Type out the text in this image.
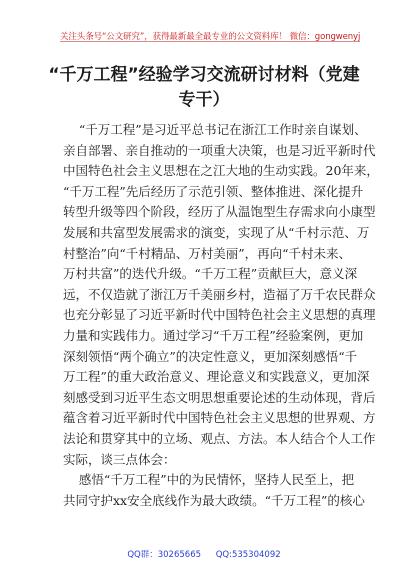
关注头条号“公文研究”，获得最新最全最专业的公文资料库！ 微信：gongwenyj
“千万工程”经验学习交流研讨材料（党建
专干）
“千万工程”是习近平总书记在浙江工作时亲自谋划、
亲自部署、亲自推动的一项重大决策，也是习近平新时代
中国特色社会主义思想在之江大地的生动实践。20年来，
“千万工程”先后经历了示范引领、整体推进、深化提升
转型升级等四个阶段，经历了从温饱型生存需求向小康型
发展和共富型发展需求的演变，实现了从“千村示范、万
村整治”向“千村精品、万村美丽”，再向“千村未来、
万村共富”的迭代升级。“千万工程”贡献巨大，意义深
远，不仅造就了浙江万千美丽乡村，造福了万千农民群众
也充分彰显了习近平新时代中国特色社会主义思想的真理
力量和实践伟力。通过学习“千万工程”经验案例，更加
深刻领悟“两个确立”的决定性意义，更加深刻感悟“千
万工程”的重大政治意义、理论意义和实践意义，更加深
刻感受到习近平生态文明思想重要论述的生动体现，背后
蕴含着习近平新时代中国特色社会主义思想的世界观、方
法论和贯穿其中的立场、观点、方法。本人结合个人工作
实际，谈三点体会：
感悟“千万工程”中的为民情怀，坚持人民至上，把
共同守护xx安全底线作为最大政绩。“千万工程”的核心
QQ群：30265665 QQ:535304092
